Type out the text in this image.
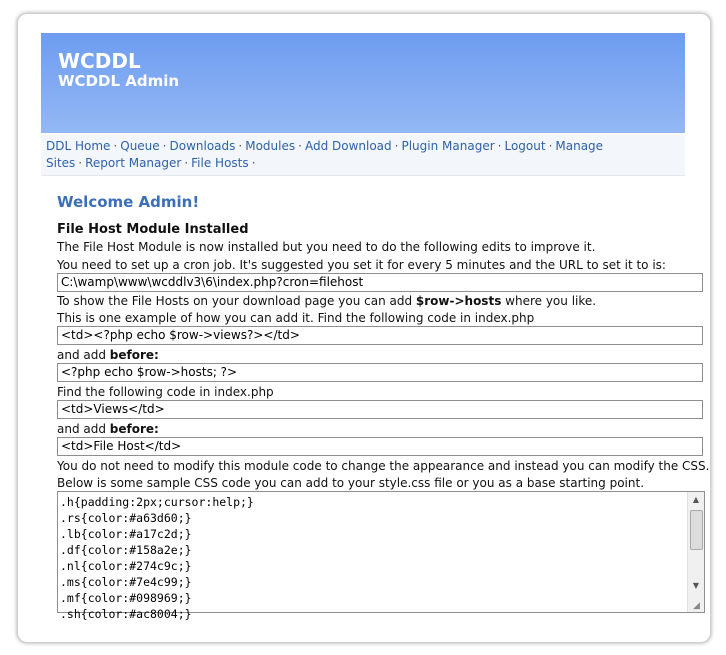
WCDDL
WCDDL Admin
DDL Home · Queue · Downloads · Modules · Add Download · Plugin Manager · Logout · Manage Sites · Report Manager · File Hosts ·
Welcome Admin!
File Host Module Installed
The File Host Module is now installed but you need to do the following edits to improve it.
You need to set up a cron job. It's suggested you set it for every 5 minutes and the URL to set it to is:
C:\wamp\www\wcddlv3\6\index.php?cron=filehost
To show the File Hosts on your download page you can add $row->hosts where you like.
This is one example of how you can add it. Find the following code in index.php
<td><?php echo $row->views?></td>
and add before:
<?php echo $row->hosts; ?>
Find the following code in index.php
<td>Views</td>
and add before:
<td>File Host</td>
You do not need to modify this module code to change the appearance and instead you can modify the CSS.
Below is some sample CSS code you can add to your style.css file or you as a base starting point.
.h{padding:2px;cursor:help;}
.rs{color:#a63d60;}
.lb{color:#a17c2d;}
.df{color:#158a2e;}
.nl{color:#274c9c;}
.ms{color:#7e4c99;}
.mf{color:#098969;}
.sh{color:#ac8004;}
▲
▼
◢
